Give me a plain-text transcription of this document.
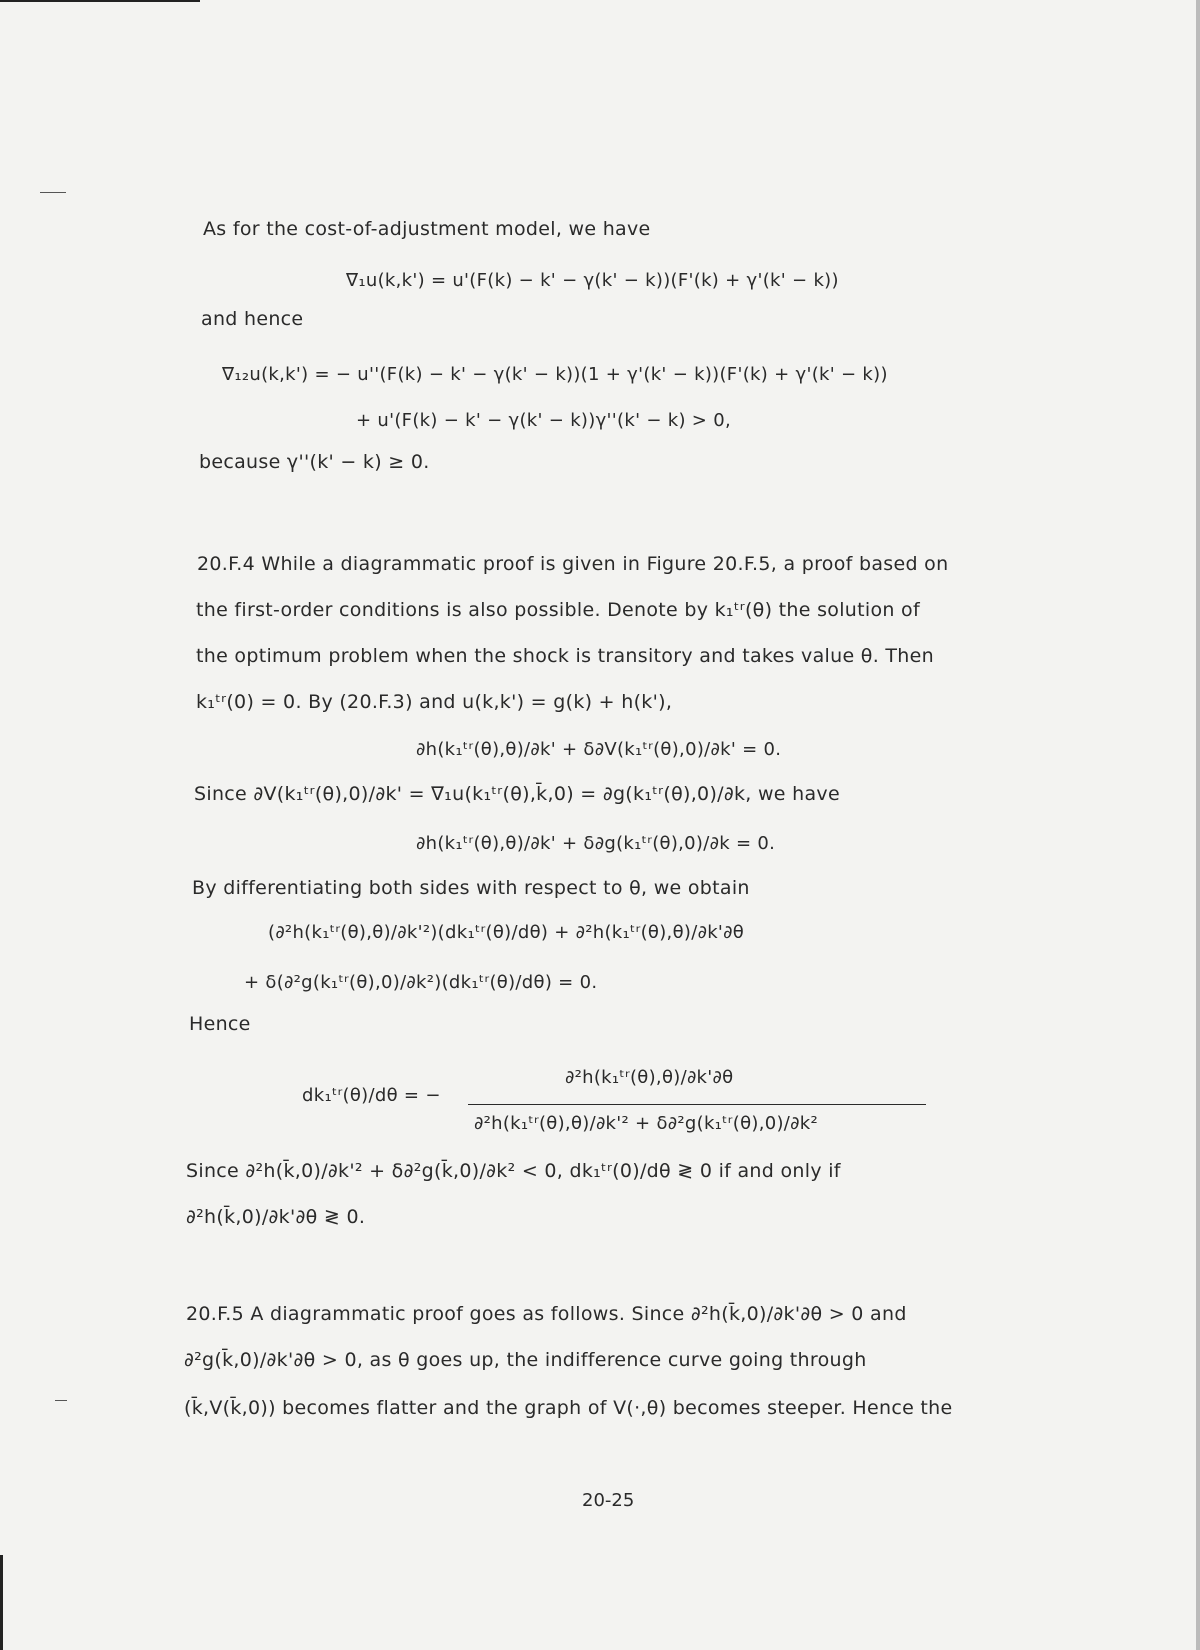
As for the cost-of-adjustment model, we have
∇₁u(k,k') = u'(F(k) − k' − γ(k' − k))(F'(k) + γ'(k' − k))
and hence
∇₁₂u(k,k') = − u''(F(k) − k' − γ(k' − k))(1 + γ'(k' − k))(F'(k) + γ'(k' − k))
+ u'(F(k) − k' − γ(k' − k))γ''(k' − k) > 0,
because γ''(k' − k) ≥ 0.
20.F.4 While a diagrammatic proof is given in Figure 20.F.5, a proof based on
the first-order conditions is also possible. Denote by k₁ᵗʳ(θ) the solution of
the optimum problem when the shock is transitory and takes value θ. Then
k₁ᵗʳ(0) = 0. By (20.F.3) and u(k,k') = g(k) + h(k'),
∂h(k₁ᵗʳ(θ),θ)/∂k' + δ∂V(k₁ᵗʳ(θ),0)/∂k' = 0.
Since ∂V(k₁ᵗʳ(θ),0)/∂k' = ∇₁u(k₁ᵗʳ(θ),k̄,0) = ∂g(k₁ᵗʳ(θ),0)/∂k, we have
∂h(k₁ᵗʳ(θ),θ)/∂k' + δ∂g(k₁ᵗʳ(θ),0)/∂k = 0.
By differentiating both sides with respect to θ, we obtain
(∂²h(k₁ᵗʳ(θ),θ)/∂k'²)(dk₁ᵗʳ(θ)/dθ) + ∂²h(k₁ᵗʳ(θ),θ)/∂k'∂θ
+ δ(∂²g(k₁ᵗʳ(θ),0)/∂k²)(dk₁ᵗʳ(θ)/dθ) = 0.
Hence
dk₁ᵗʳ(θ)/dθ = −
∂²h(k₁ᵗʳ(θ),θ)/∂k'∂θ
∂²h(k₁ᵗʳ(θ),θ)/∂k'² + δ∂²g(k₁ᵗʳ(θ),0)/∂k²
Since ∂²h(k̄,0)/∂k'² + δ∂²g(k̄,0)/∂k² < 0, dk₁ᵗʳ(0)/dθ ≷ 0 if and only if
∂²h(k̄,0)/∂k'∂θ ≷ 0.
20.F.5 A diagrammatic proof goes as follows. Since ∂²h(k̄,0)/∂k'∂θ > 0 and
∂²g(k̄,0)/∂k'∂θ > 0, as θ goes up, the indifference curve going through
(k̄,V(k̄,0)) becomes flatter and the graph of V(·,θ) becomes steeper. Hence the
20-25
